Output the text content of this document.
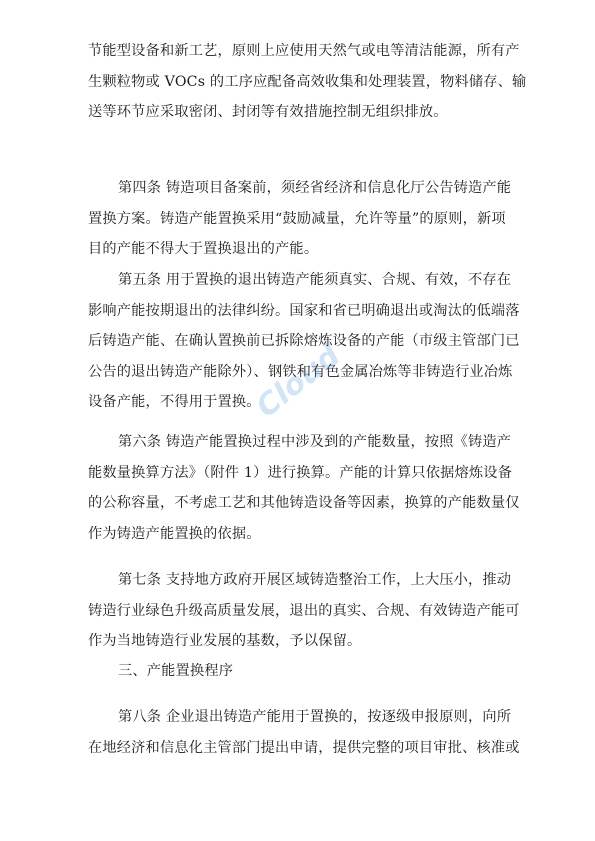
节能型设备和新工艺，原则上应使用天然气或电等清洁能源，所有产
生颗粒物或 VOCs 的工序应配备高效收集和处理装置，物料储存、输
送等环节应采取密闭、封闭等有效措施控制无组织排放。
第四条 铸造项目备案前，须经省经济和信息化厅公告铸造产能
置换方案。铸造产能置换采用“鼓励减量，允许等量”的原则，新项
目的产能不得大于置换退出的产能。
第五条 用于置换的退出铸造产能须真实、合规、有效，不存在
影响产能按期退出的法律纠纷。国家和省已明确退出或淘汰的低端落
后铸造产能、在确认置换前已拆除熔炼设备的产能（市级主管部门已
公告的退出铸造产能除外）、钢铁和有色金属冶炼等非铸造行业冶炼
设备产能，不得用于置换。
第六条 铸造产能置换过程中涉及到的产能数量，按照《铸造产
能数量换算方法》（附件 1）进行换算。产能的计算只依据熔炼设备
的公称容量，不考虑工艺和其他铸造设备等因素，换算的产能数量仅
作为铸造产能置换的依据。
第七条 支持地方政府开展区域铸造整治工作，上大压小，推动
铸造行业绿色升级高质量发展，退出的真实、合规、有效铸造产能可
作为当地铸造行业发展的基数，予以保留。
三、产能置换程序
第八条 企业退出铸造产能用于置换的，按逐级申报原则，向所
在地经济和信息化主管部门提出申请，提供完整的项目审批、核准或
Cloud
